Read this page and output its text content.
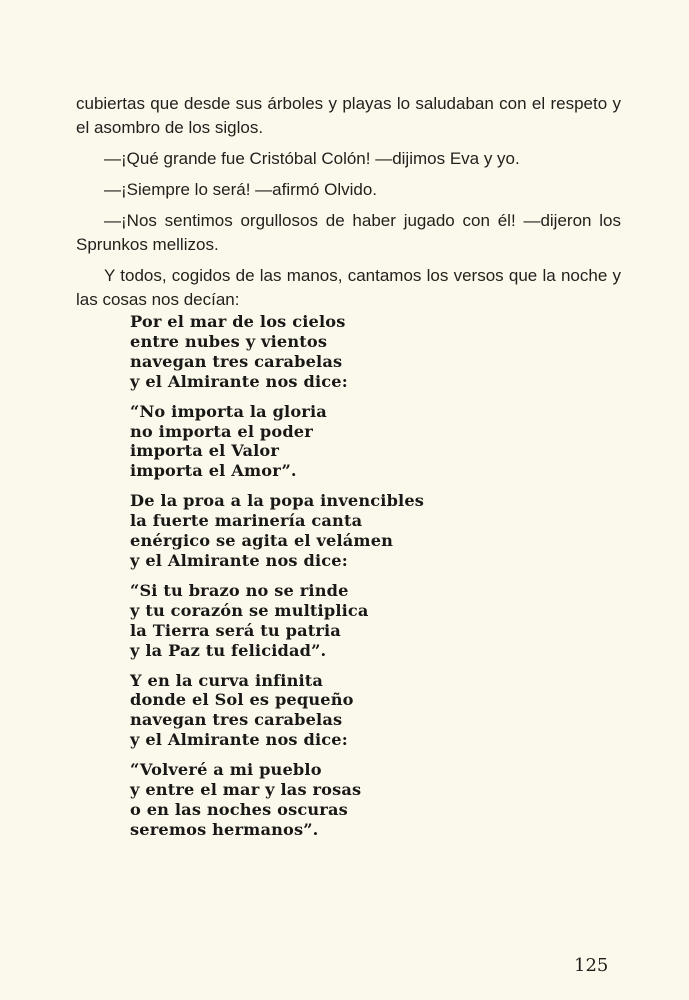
cubiertas que desde sus árboles y playas lo saludaban con el respeto y el asombro de los siglos.

—¡Qué grande fue Cristóbal Colón! —dijimos Eva y yo.

—¡Siempre lo será! —afirmó Olvido.

—¡Nos sentimos orgullosos de haber jugado con él! —dijeron los Sprunkos mellizos.

Y todos, cogidos de las manos, cantamos los versos que la noche y las cosas nos decían:

Por el mar de los cielos
entre nubes y vientos
navegan tres carabelas
y el Almirante nos dice:
“No importa la gloria
no importa el poder
importa el Valor
importa el Amor”.
De la proa a la popa invencibles
la fuerte marinería canta
enérgico se agita el velámen
y el Almirante nos dice:
“Si tu brazo no se rinde
y tu corazón se multiplica
la Tierra será tu patria
y la Paz tu felicidad”.
Y en la curva infinita
donde el Sol es pequeño
navegan tres carabelas
y el Almirante nos dice:
“Volveré a mi pueblo
y entre el mar y las rosas
o en las noches oscuras
seremos hermanos”.
125
